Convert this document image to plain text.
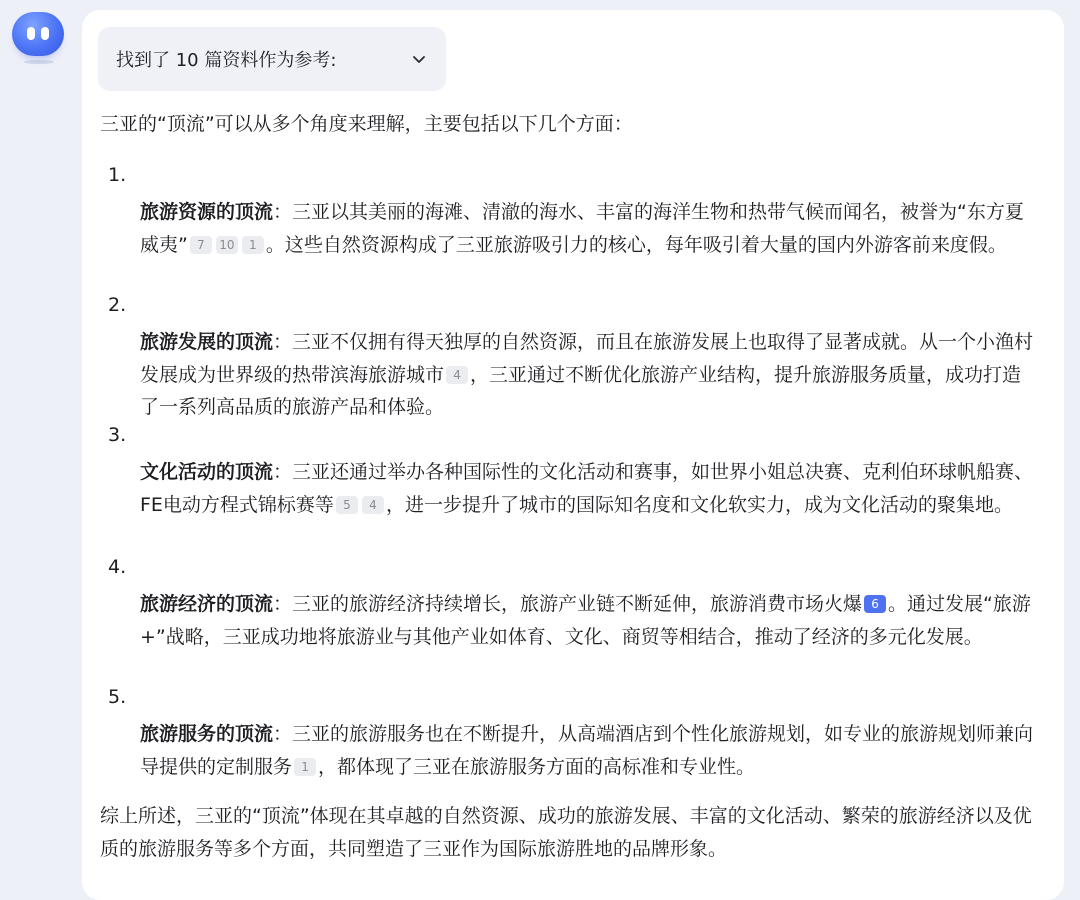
找到了 10 篇资料作为参考:
三亚的“顶流”可以从多个角度来理解，主要包括以下几个方面：
1.
旅游资源的顶流：三亚以其美丽的海滩、清澈的海水、丰富的海洋生物和热带气候而闻名，被誉为“东方夏威夷” 7 10 1 。这些自然资源构成了三亚旅游吸引力的核心，每年吸引着大量的国内外游客前来度假。
2.
旅游发展的顶流：三亚不仅拥有得天独厚的自然资源，而且在旅游发展上也取得了显著成就。从一个小渔村发展成为世界级的热带滨海旅游城市 4 ，三亚通过不断优化旅游产业结构，提升旅游服务质量，成功打造了一系列高品质的旅游产品和体验。
3.
文化活动的顶流：三亚还通过举办各种国际性的文化活动和赛事，如世界小姐总决赛、克利伯环球帆船赛、FE电动方程式锦标赛等 5 4 ，进一步提升了城市的国际知名度和文化软实力，成为文化活动的聚集地。
4.
旅游经济的顶流：三亚的旅游经济持续增长，旅游产业链不断延伸，旅游消费市场火爆 6 。通过发展“旅游+”战略，三亚成功地将旅游业与其他产业如体育、文化、商贸等相结合，推动了经济的多元化发展。
5.
旅游服务的顶流：三亚的旅游服务也在不断提升，从高端酒店到个性化旅游规划，如专业的旅游规划师兼向导提供的定制服务 1 ，都体现了三亚在旅游服务方面的高标准和专业性。
综上所述，三亚的“顶流”体现在其卓越的自然资源、成功的旅游发展、丰富的文化活动、繁荣的旅游经济以及优质的旅游服务等多个方面，共同塑造了三亚作为国际旅游胜地的品牌形象。
